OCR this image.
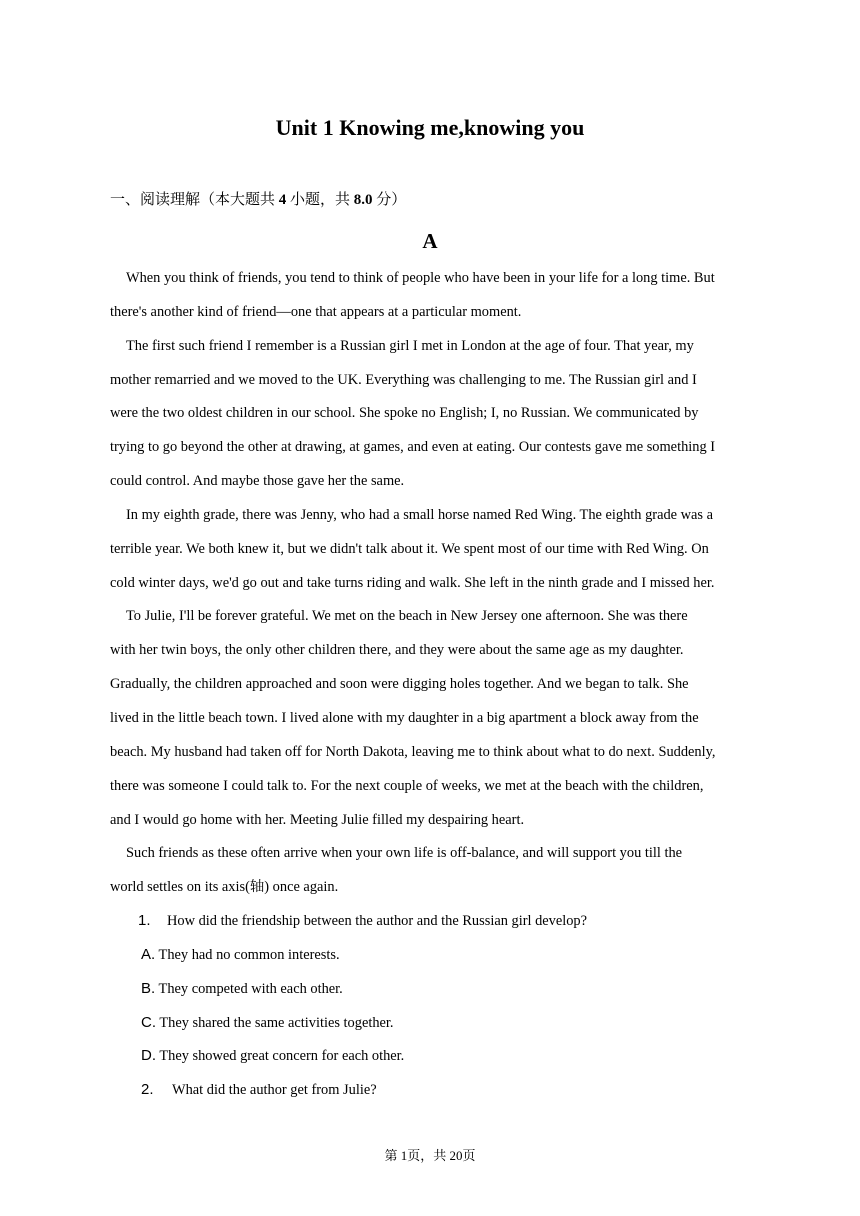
Unit 1 Knowing me,knowing you
一、阅读理解（本大题共 4 小题，共 8.0 分）
A
When you think of friends, you tend to think of people who have been in your life for a long time. But
there's another kind of friend—one that appears at a particular moment.
The first such friend I remember is a Russian girl I met in London at the age of four. That year, my
mother remarried and we moved to the UK. Everything was challenging to me. The Russian girl and I
were the two oldest children in our school. She spoke no English; I, no Russian. We communicated by
trying to go beyond the other at drawing, at games, and even at eating. Our contests gave me something I
could control. And maybe those gave her the same.
In my eighth grade, there was Jenny, who had a small horse named Red Wing. The eighth grade was a
terrible year. We both knew it, but we didn't talk about it. We spent most of our time with Red Wing. On
cold winter days, we'd go out and take turns riding and walk. She left in the ninth grade and I missed her.
To Julie, I'll be forever grateful. We met on the beach in New Jersey one afternoon. She was there
with her twin boys, the only other children there, and they were about the same age as my daughter.
Gradually, the children approached and soon were digging holes together. And we began to talk. She
lived in the little beach town. I lived alone with my daughter in a big apartment a block away from the
beach. My husband had taken off for North Dakota, leaving me to think about what to do next. Suddenly,
there was someone I could talk to. For the next couple of weeks, we met at the beach with the children,
and I would go home with her. Meeting Julie filled my despairing heart.
Such friends as these often arrive when your own life is off-balance, and will support you till the
world settles on its axis(轴) once again.
1. How did the friendship between the author and the Russian girl develop?
A. They had no common interests.
B. They competed with each other.
C. They shared the same activities together.
D. They showed great concern for each other.
2. What did the author get from Julie?
第 1页，共 20页
